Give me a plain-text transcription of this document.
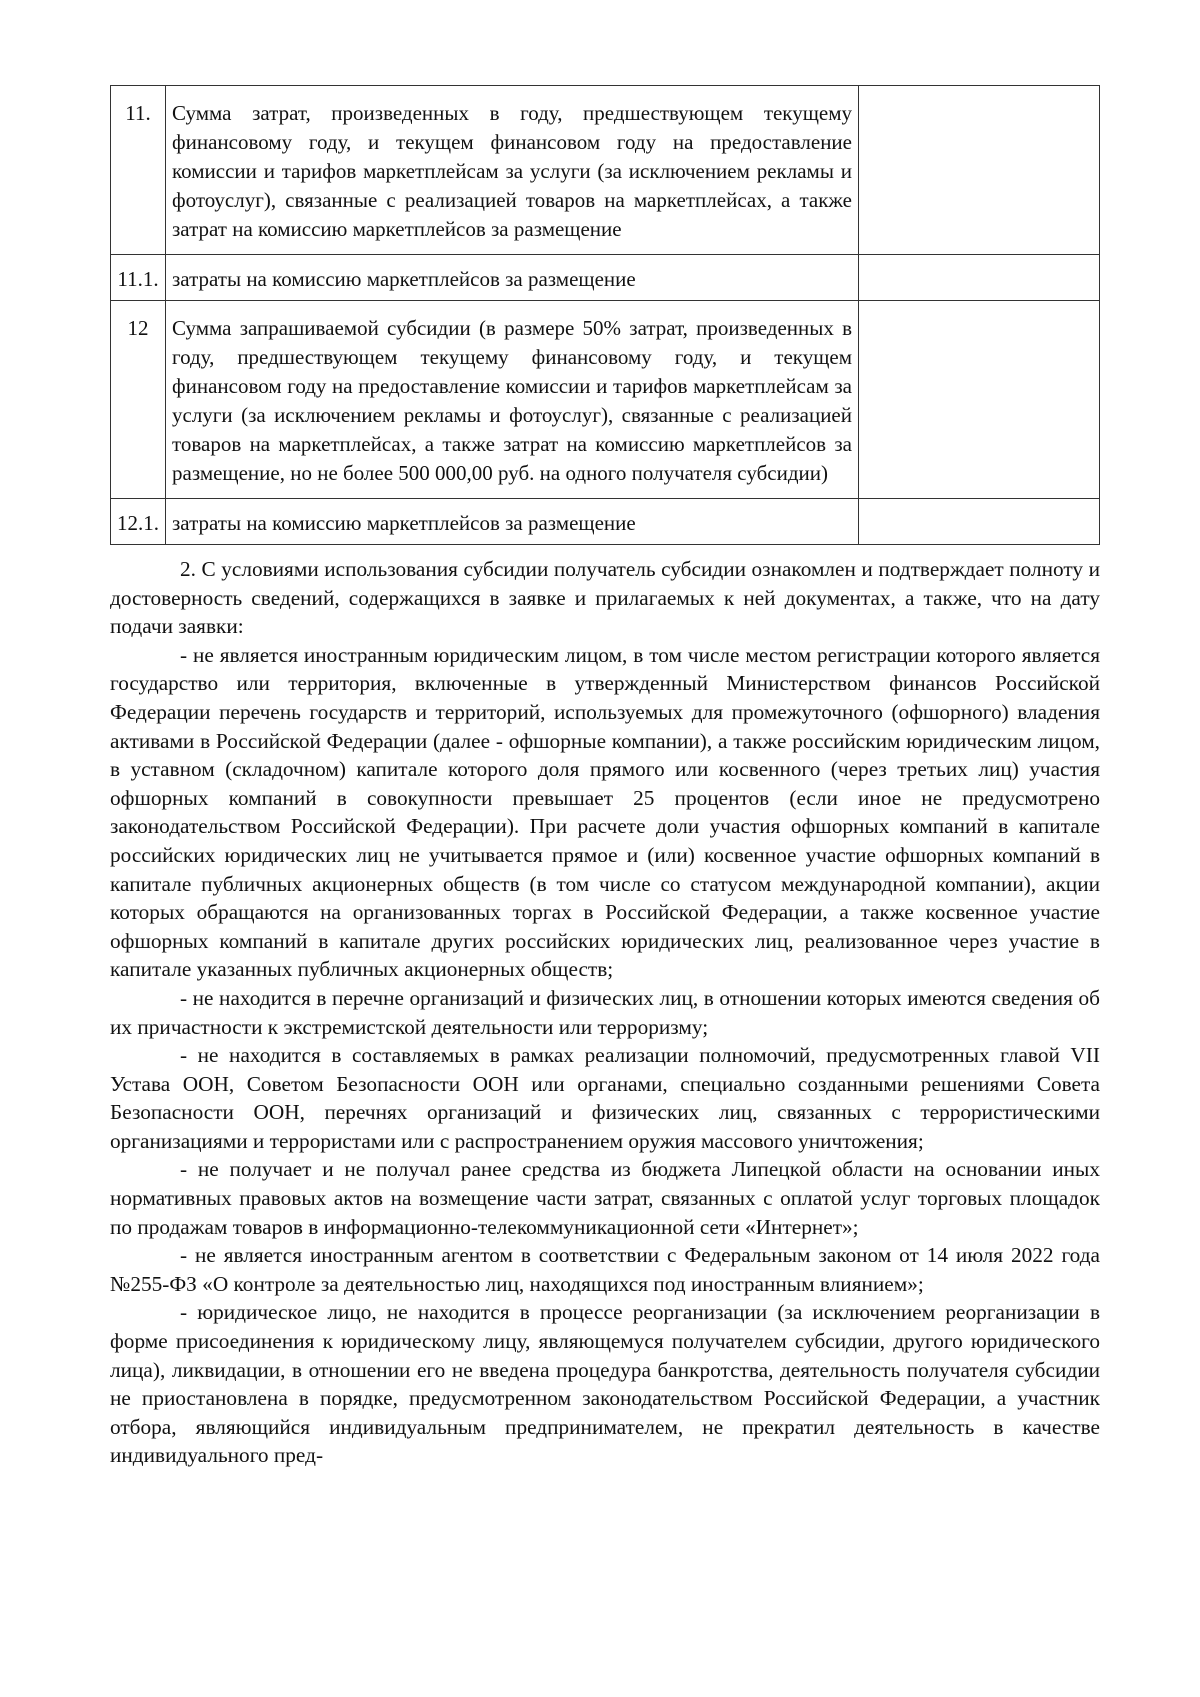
11.	Сумма затрат, произведенных в году, предшествующем текущему финансовому году, и текущем финансовом году на предоставление комиссии и тарифов маркетплейсам за услуги (за исключением рекламы и фотоуслуг), связанные с реализацией товаров на маркетплейсах, а также затрат на комиссию маркетплейсов за размещение	
11.1.	затраты на комиссию маркетплейсов за размещение	
12	Сумма запрашиваемой субсидии (в размере 50% затрат, произведенных в году, предшествующем текущему финансовому году, и текущем финансовом году на предоставление комиссии и тарифов маркетплейсам за услуги (за исключением рекламы и фотоуслуг), связанные с реализацией товаров на маркетплейсах, а также затрат на комиссию маркетплейсов за размещение, но не более 500 000,00 руб. на одного получателя субсидии)	
12.1.	затраты на комиссию маркетплейсов за размещение	

2. С условиями использования субсидии получатель субсидии ознакомлен и подтверждает полноту и достоверность сведений, содержащихся в заявке и прилагаемых к ней документах, а также, что на дату подачи заявки:

- не является иностранным юридическим лицом, в том числе местом регистрации которого является государство или территория, включенные в утвержденный Министерством финансов Российской Федерации перечень государств и территорий, используемых для промежуточного (офшорного) владения активами в Российской Федерации (далее - офшорные компании), а также российским юридическим лицом, в уставном (складочном) капитале которого доля прямого или косвенного (через третьих лиц) участия офшорных компаний в совокупности превышает 25 процентов (если иное не предусмотрено законодательством Российской Федерации). При расчете доли участия офшорных компаний в капитале российских юридических лиц не учитывается прямое и (или) косвенное участие офшорных компаний в капитале публичных акционерных обществ (в том числе со статусом международной компании), акции которых обращаются на организованных торгах в Российской Федерации, а также косвенное участие офшорных компаний в капитале других российских юридических лиц, реализованное через участие в капитале указанных публичных акционерных обществ;

- не находится в перечне организаций и физических лиц, в отношении которых имеются сведения об их причастности к экстремистской деятельности или терроризму;

- не находится в составляемых в рамках реализации полномочий, предусмотренных главой VII Устава ООН, Советом Безопасности ООН или органами, специально созданными решениями Совета Безопасности ООН, перечнях организаций и физических лиц, связанных с террористическими организациями и террористами или с распространением оружия массового уничтожения;

- не получает и не получал ранее средства из бюджета Липецкой области на основании иных нормативных правовых актов на возмещение части затрат, связанных с оплатой услуг торговых площадок по продажам товаров в информационно-телекоммуникационной сети «Интернет»;

- не является иностранным агентом в соответствии с Федеральным законом от 14 июля 2022 года №255-ФЗ «О контроле за деятельностью лиц, находящихся под иностранным влиянием»;

- юридическое лицо, не находится в процессе реорганизации (за исключением реорганизации в форме присоединения к юридическому лицу, являющемуся получателем субсидии, другого юридического лица), ликвидации, в отношении его не введена процедура банкротства, деятельность получателя субсидии не приостановлена в порядке, предусмотренном законодательством Российской Федерации, а участник отбора, являющийся индивидуальным предпринимателем, не прекратил деятельность в качестве индивидуального пред-
